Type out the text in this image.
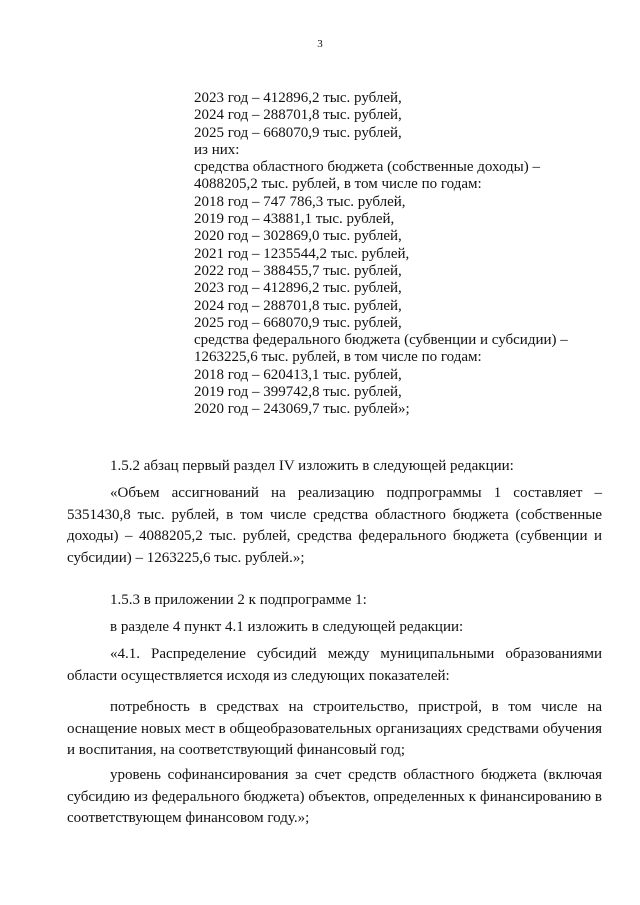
3
2023 год – 412896,2 тыс. рублей,
2024 год – 288701,8 тыс. рублей,
2025 год – 668070,9 тыс. рублей,
из них:
средства областного бюджета (собственные доходы) –
4088205,2 тыс. рублей, в том числе по годам:
2018 год – 747 786,3 тыс. рублей,
2019 год – 43881,1 тыс. рублей,
2020 год – 302869,0 тыс. рублей,
2021 год – 1235544,2 тыс. рублей,
2022 год – 388455,7 тыс. рублей,
2023 год – 412896,2 тыс. рублей,
2024 год – 288701,8 тыс. рублей,
2025 год – 668070,9 тыс. рублей,
средства федерального бюджета (субвенции и субсидии) –
1263225,6 тыс. рублей, в том числе по годам:
2018 год – 620413,1 тыс. рублей,
2019 год – 399742,8 тыс. рублей,
2020 год – 243069,7 тыс. рублей»;

1.5.2 абзац первый раздел IV изложить в следующей редакции:

«Объем ассигнований на реализацию подпрограммы 1 составляет – 5351430,8 тыс. рублей, в том числе средства областного бюджета (собственные доходы) – 4088205,2 тыс. рублей, средства федерального бюджета (субвенции и субсидии) – 1263225,6 тыс. рублей.»;

1.5.3 в приложении 2 к подпрограмме 1:

в разделе 4 пункт 4.1 изложить в следующей редакции:

«4.1. Распределение субсидий между муниципальными образованиями области осуществляется исходя из следующих показателей:

потребность в средствах на строительство, пристрой, в том числе на оснащение новых мест в общеобразовательных организациях средствами обучения и воспитания, на соответствующий финансовый год;

уровень софинансирования за счет средств областного бюджета (включая субсидию из федерального бюджета) объектов, определенных к финансированию в соответствующем финансовом году.»;
